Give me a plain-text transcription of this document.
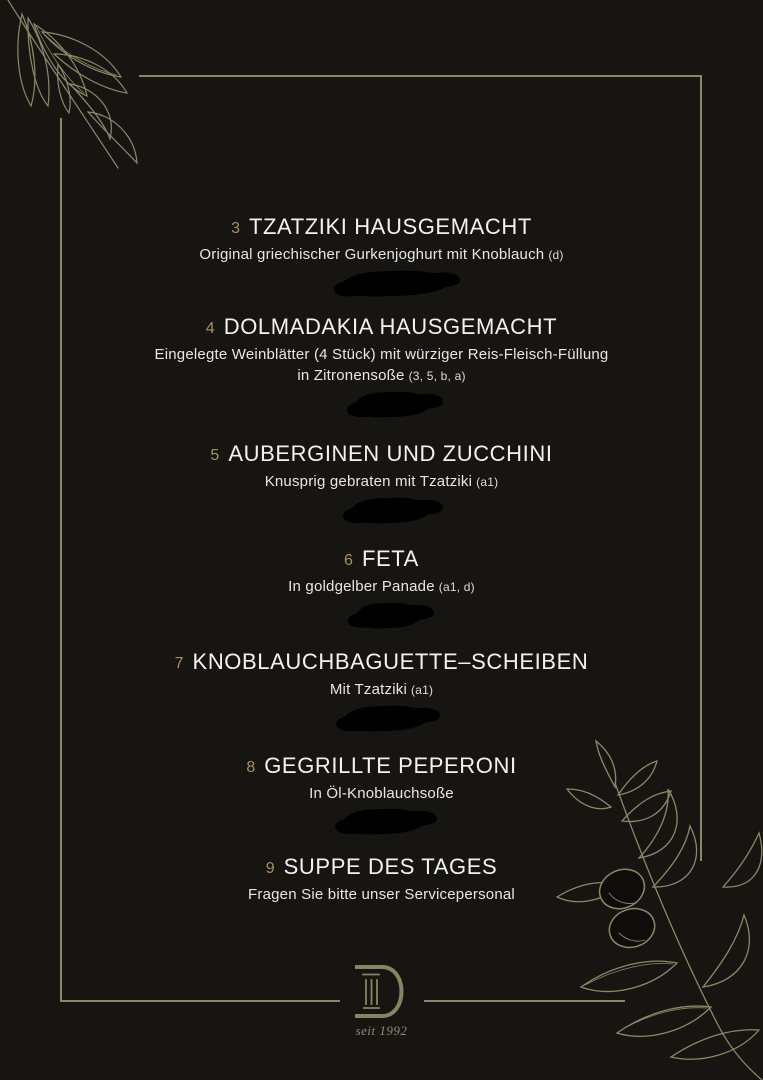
3 TZATZIKI HAUSGEMACHT
Original griechischer Gurkenjoghurt mit Knoblauch (d)
4 DOLMADAKIA HAUSGEMACHT
Eingelegte Weinblätter (4 Stück) mit würziger Reis-Fleisch-Füllung
in Zitronensoße (3, 5, b, a)
5 AUBERGINEN UND ZUCCHINI
Knusprig gebraten mit Tzatziki (a1)
6 FETA
In goldgelber Panade (a1, d)
7 KNOBLAUCHBAGUETTE–SCHEIBEN
Mit Tzatziki (a1)
8 GEGRILLTE PEPERONI
In Öl-Knoblauchsoße
9 SUPPE DES TAGES
Fragen Sie bitte unser Servicepersonal
seit 1992
